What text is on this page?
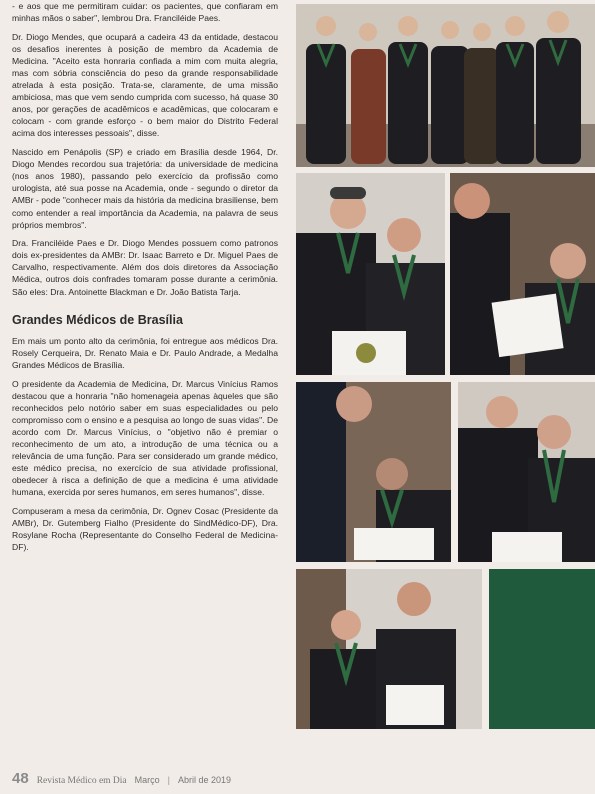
- e aos que me permitiram cuidar: os pacientes, que confiaram em minhas mãos o saber", lembrou Dra. Franciléide Paes.

Dr. Diogo Mendes, que ocupará a cadeira 43 da entidade, destacou os desafios inerentes à posição de membro da Academia de Medicina. "Aceito esta honraria confiada a mim com muita alegria, mas com sóbria consciência do peso da grande responsabilidade atrelada à esta posição. Trata-se, claramente, de uma missão ambiciosa, mas que vem sendo cumprida com sucesso, há quase 30 anos, por gerações de acadêmicos e acadêmicas, que colocaram e colocam - com grande esforço - o bem maior do Distrito Federal acima dos interesses pessoais", disse.

Nascido em Penápolis (SP) e criado em Brasília desde 1964, Dr. Diogo Mendes recordou sua trajetória: da universidade de medicina (nos anos 1980), passando pelo exercício da profissão como urologista, até sua posse na Academia, onde - segundo o diretor da AMBr - pode "conhecer mais da história da medicina brasiliense, bem como entender a real importância da Academia, na palavra de seus próprios membros".

Dra. Franciléide Paes e Dr. Diogo Mendes possuem como patronos dois ex-presidentes da AMBr: Dr. Isaac Barreto e Dr. Miguel Paes de Carvalho, respectivamente. Além dos dois diretores da Associação Médica, outros dois confrades tomaram posse durante a cerimônia. São eles: Dra. Antoinette Blackman e Dr. João Batista Tarja.

Grandes Médicos de Brasília

Em mais um ponto alto da cerimônia, foi entregue aos médicos Dra. Rosely Cerqueira, Dr. Renato Maia e Dr. Paulo Andrade, a Medalha Grandes Médicos de Brasília.

O presidente da Academia de Medicina, Dr. Marcus Vinícius Ramos destacou que a honraria "não homenageia apenas àqueles que são reconhecidos pelo notório saber em suas especialidades ou pelo compromisso com o ensino e a pesquisa ao longo de suas vidas". De acordo com Dr. Marcus Vinícius, o "objetivo não é premiar o reconhecimento de um ato, a introdução de uma técnica ou a relevância de uma função. Para ser considerado um grande médico, este médico precisa, no exercício de sua atividade profissional, obedecer à risca a definição de que a medicina é uma atividade humana, exercida por seres humanos, em seres humanos", disse.

Compuseram a mesa da cerimônia, Dr. Ognev Cosac (Presidente da AMBr), Dr. Gutemberg Fialho (Presidente do SindMédico-DF), Dra. Rosylane Rocha (Representante do Conselho Federal de Medicina-DF).

48 Revista Médico em Dia Março | Abril de 2019
